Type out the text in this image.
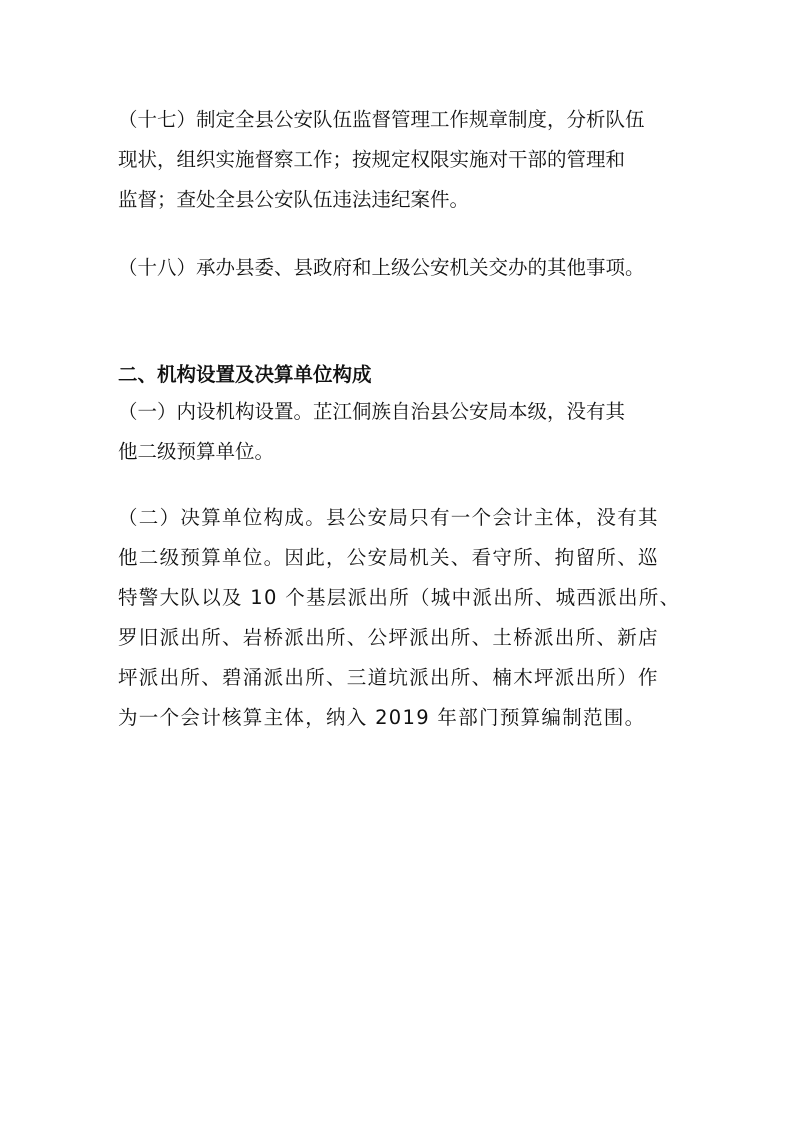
（十七）制定全县公安队伍监督管理工作规章制度，分析队伍
现状，组织实施督察工作；按规定权限实施对干部的管理和
监督；查处全县公安队伍违法违纪案件。

（十八）承办县委、县政府和上级公安机关交办的其他事项。

二、机构设置及决算单位构成

（一）内设机构设置。芷江侗族自治县公安局本级，没有其
他二级预算单位。

（二）决算单位构成。县公安局只有一个会计主体，没有其
他二级预算单位。因此，公安局机关、看守所、拘留所、巡
特警大队以及 10 个基层派出所（城中派出所、城西派出所、
罗旧派出所、岩桥派出所、公坪派出所、土桥派出所、新店
坪派出所、碧涌派出所、三道坑派出所、楠木坪派出所）作
为一个会计核算主体，纳入 2019 年部门预算编制范围。
